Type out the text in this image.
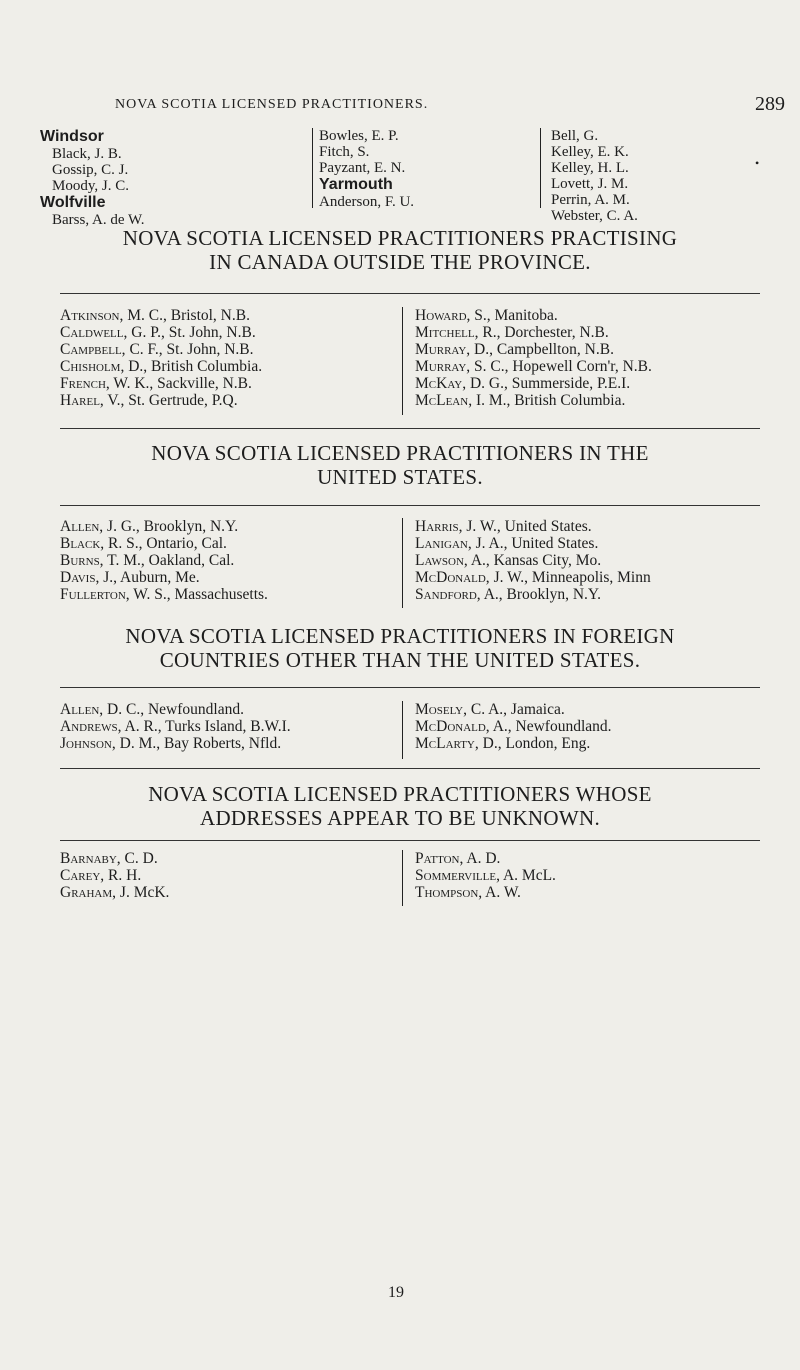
NOVA SCOTIA LICENSED PRACTITIONERS.	289
Windsor
Black, J. B.
Gossip, C. J.
Moody, J. C.
Wolfville
Barss, A. de W.
Bowles, E. P.
Fitch, S.
Payzant, E. N.
Yarmouth
Anderson, F. U.
Bell, G.
Kelley, E. K.
Kelley, H. L.
Lovett, J. M.
Perrin, A. M.
Webster, C. A.
•
NOVA SCOTIA LICENSED PRACTITIONERS PRACTISING
IN CANADA OUTSIDE THE PROVINCE.
Atkinson, M. C., Bristol, N.B.
Caldwell, G. P., St. John, N.B.
Campbell, C. F., St. John, N.B.
Chisholm, D., British Columbia.
French, W. K., Sackville, N.B.
Harel, V., St. Gertrude, P.Q.
Howard, S., Manitoba.
Mitchell, R., Dorchester, N.B.
Murray, D., Campbellton, N.B.
Murray, S. C., Hopewell Corn'r, N.B.
McKay, D. G., Summerside, P.E.I.
McLean, I. M., British Columbia.
NOVA SCOTIA LICENSED PRACTITIONERS IN THE
UNITED STATES.
Allen, J. G., Brooklyn, N.Y.
Black, R. S., Ontario, Cal.
Burns, T. M., Oakland, Cal.
Davis, J., Auburn, Me.
Fullerton, W. S., Massachusetts.
Harris, J. W., United States.
Lanigan, J. A., United States.
Lawson, A., Kansas City, Mo.
McDonald, J. W., Minneapolis, Minn
Sandford, A., Brooklyn, N.Y.
NOVA SCOTIA LICENSED PRACTITIONERS IN FOREIGN
COUNTRIES OTHER THAN THE UNITED STATES.
Allen, D. C., Newfoundland.
Andrews, A. R., Turks Island, B.W.I.
Johnson, D. M., Bay Roberts, Nfld.
Mosely, C. A., Jamaica.
McDonald, A., Newfoundland.
McLarty, D., London, Eng.
NOVA SCOTIA LICENSED PRACTITIONERS WHOSE
ADDRESSES APPEAR TO BE UNKNOWN.
Barnaby, C. D.
Carey, R. H.
Graham, J. McK.
Patton, A. D.
Sommerville, A. McL.
Thompson, A. W.
19
